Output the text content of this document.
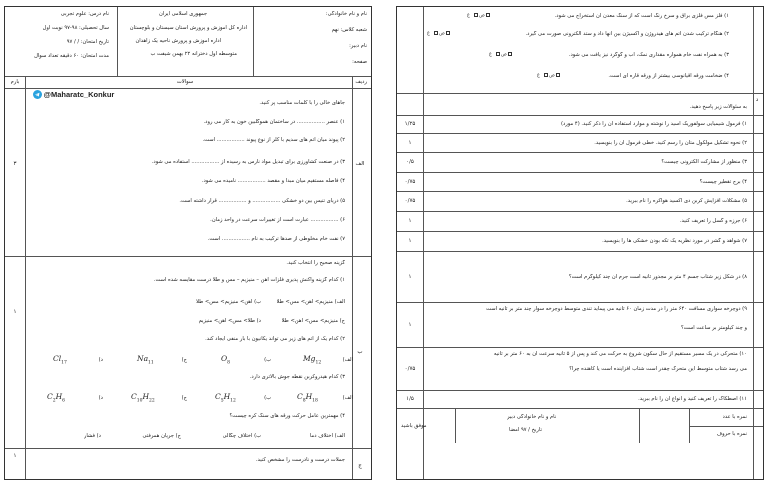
نام و نام خانوادگی:
شعبه کلاس: نهم
نام دبیر:
صفحه:
جمهوری اسلامی ایران
اداره کل آموزش و پرورش استان سیستان و بلوچستان
اداره آموزش و پرورش ناحیه یک زاهدان
متوسطه اول دخترانه ۲۲ بهمن شیفت ب
نام درس: علوم تجربی
سال تحصیلی: ۹۸-۹۷ نوبت اول
تاریخ امتحان: / / ۹۷
مدت امتحان: ۶۰ دقیقه تعداد سوال
ردیف
سوالات
بارم
الف
۳
@Maharatc_Konkur
جاهای خالی را با کلمات مناسب پر کنید.
۱) عنصر ................. در ساختمان هموگلبین خون به کار می رود.
۲) پیوند میان اتم های سدیم با کلر از نوع پیوند ................. است.
۳) در صنعت کشاورزی برای تبدیل مواد نارس به رسیده از ................. استفاده می شود.
۴) فاصله مستقیم میان مبدا و مقصد ................. نامیده می شود.
۵) دریای تنیس بین دو خشکی ................. و ................. قرار داشته است.
۶) ................. عبارت است از تغییرات سرعت در واحد زمان.
۷) نفت خام مخلوطی از صدها ترکیب به نام ................. است.
ب
۱
گزینه صحیح را انتخاب کنید.
۱) کدام گزینه واکنش پذیری فلزات آهن – منیزیم – مس و طلا درست مقایسه شده است.
الف) منیزیم> آهن> مس> طلا
ب) آهن> منیزیم> مس> طلا
ج) منیزیم> مس> آهن> طلا
د) طلا> مس> آهن> منیزیم
۲) کدام یک از اتم های زیر می تواند یکانیون با بار منفی ایجاد کند.
الف)
$Mg_{12}$
ب)
$O_8$
ج)
$Na_{11}$
د)
$Cl_{17}$
۳) کدام هیدروکربن نقطه جوش بالاتری دارد.
الف)
$C_8H_{18}$
ب)
$C_5H_{12}$
ج)
$C_{10}H_{22}$
د)
$C_2H_6$
۴) مهمترین عامل حرکت ورقه های سنگ کره چیست؟
الف) اختلاف دما
ب) اختلاف چگالی
ج) جریان همرفتی
د) فشار
ج
۱
جملات درست و نادرست را مشخص کنید.
۱) فلز مس فلزی براق و سرخ رنگ است که از سنگ معدن آن استخراج می شود.
ص  غ
۲) هنگام ترکیب شدن اتم های هیدروژن و اکسیژن بین آنها داد و ستد الکترونی صورت می گیرد.
ص  غ
۳) به همراه نفت خام همواره مقداری نمک، آب و گوگرد نیز یافت می شود.
ص  غ
۴) ضخامت ورقه اقیانوسی بیشتر از ورقه قاره ای است.
ص  غ
د
به سئوالات زیر پاسخ دهید.
۱) فرمول شیمیایی سولفوریک اسید را نوشته و موارد استفاده آن را ذکر کنید. (۴ مورد)
۱/۲۵
۲) نحوه تشکیل مولکول متان را رسم کنید. خطی فرمول آن را بنویسید.
۱
۳) منظور از مشارکت الکترونی چیست؟
۰/۵
۴) برج تقطیر چیست؟
۰/۷۵
۵) مشکلات افزایش کربن دی اکسید هواکره را نام ببرید.
۰/۷۵
۶) جرزه و گسل را تعریف کنید.
۱
۷) شواهد و گشر در مورد نظریه یک تکه بودن خشکی ها را بنویسید.
۱
۸) در شکل زیر شتاب جسم ۴ متر بر مجذور ثانیه است جرم آن چند کیلوگرم است؟
۱
۹) دوچرخه سواری مسافت ۶۴۰ متر را در مدت زمان ۶۰ ثانیه می پیماید تندی متوسط دوچرخه سوار چند متر بر ثانیه است
و چند کیلومتر بر ساعت است؟
۱
۱۰) متحرکی در یک مسیر مستقیم از حال سکون شروع به حرکت می کند و پس از ۵ ثانیه سرعت آن به ۶۰ متر بر ثانیه
می رسد شتاب متوسط این متحرک چقدر است شتاب افزاینده است یا کاهنده چرا؟
۰/۷۵
۱۱) اصطکاک را تعریف کنید و انواع آن را نام ببرید.
۱/۵
موفق باشید
نام و نام خانوادگی دبیر
تاریخ / ۹۷ امضا
نمره با عدد
نمره با حروف
